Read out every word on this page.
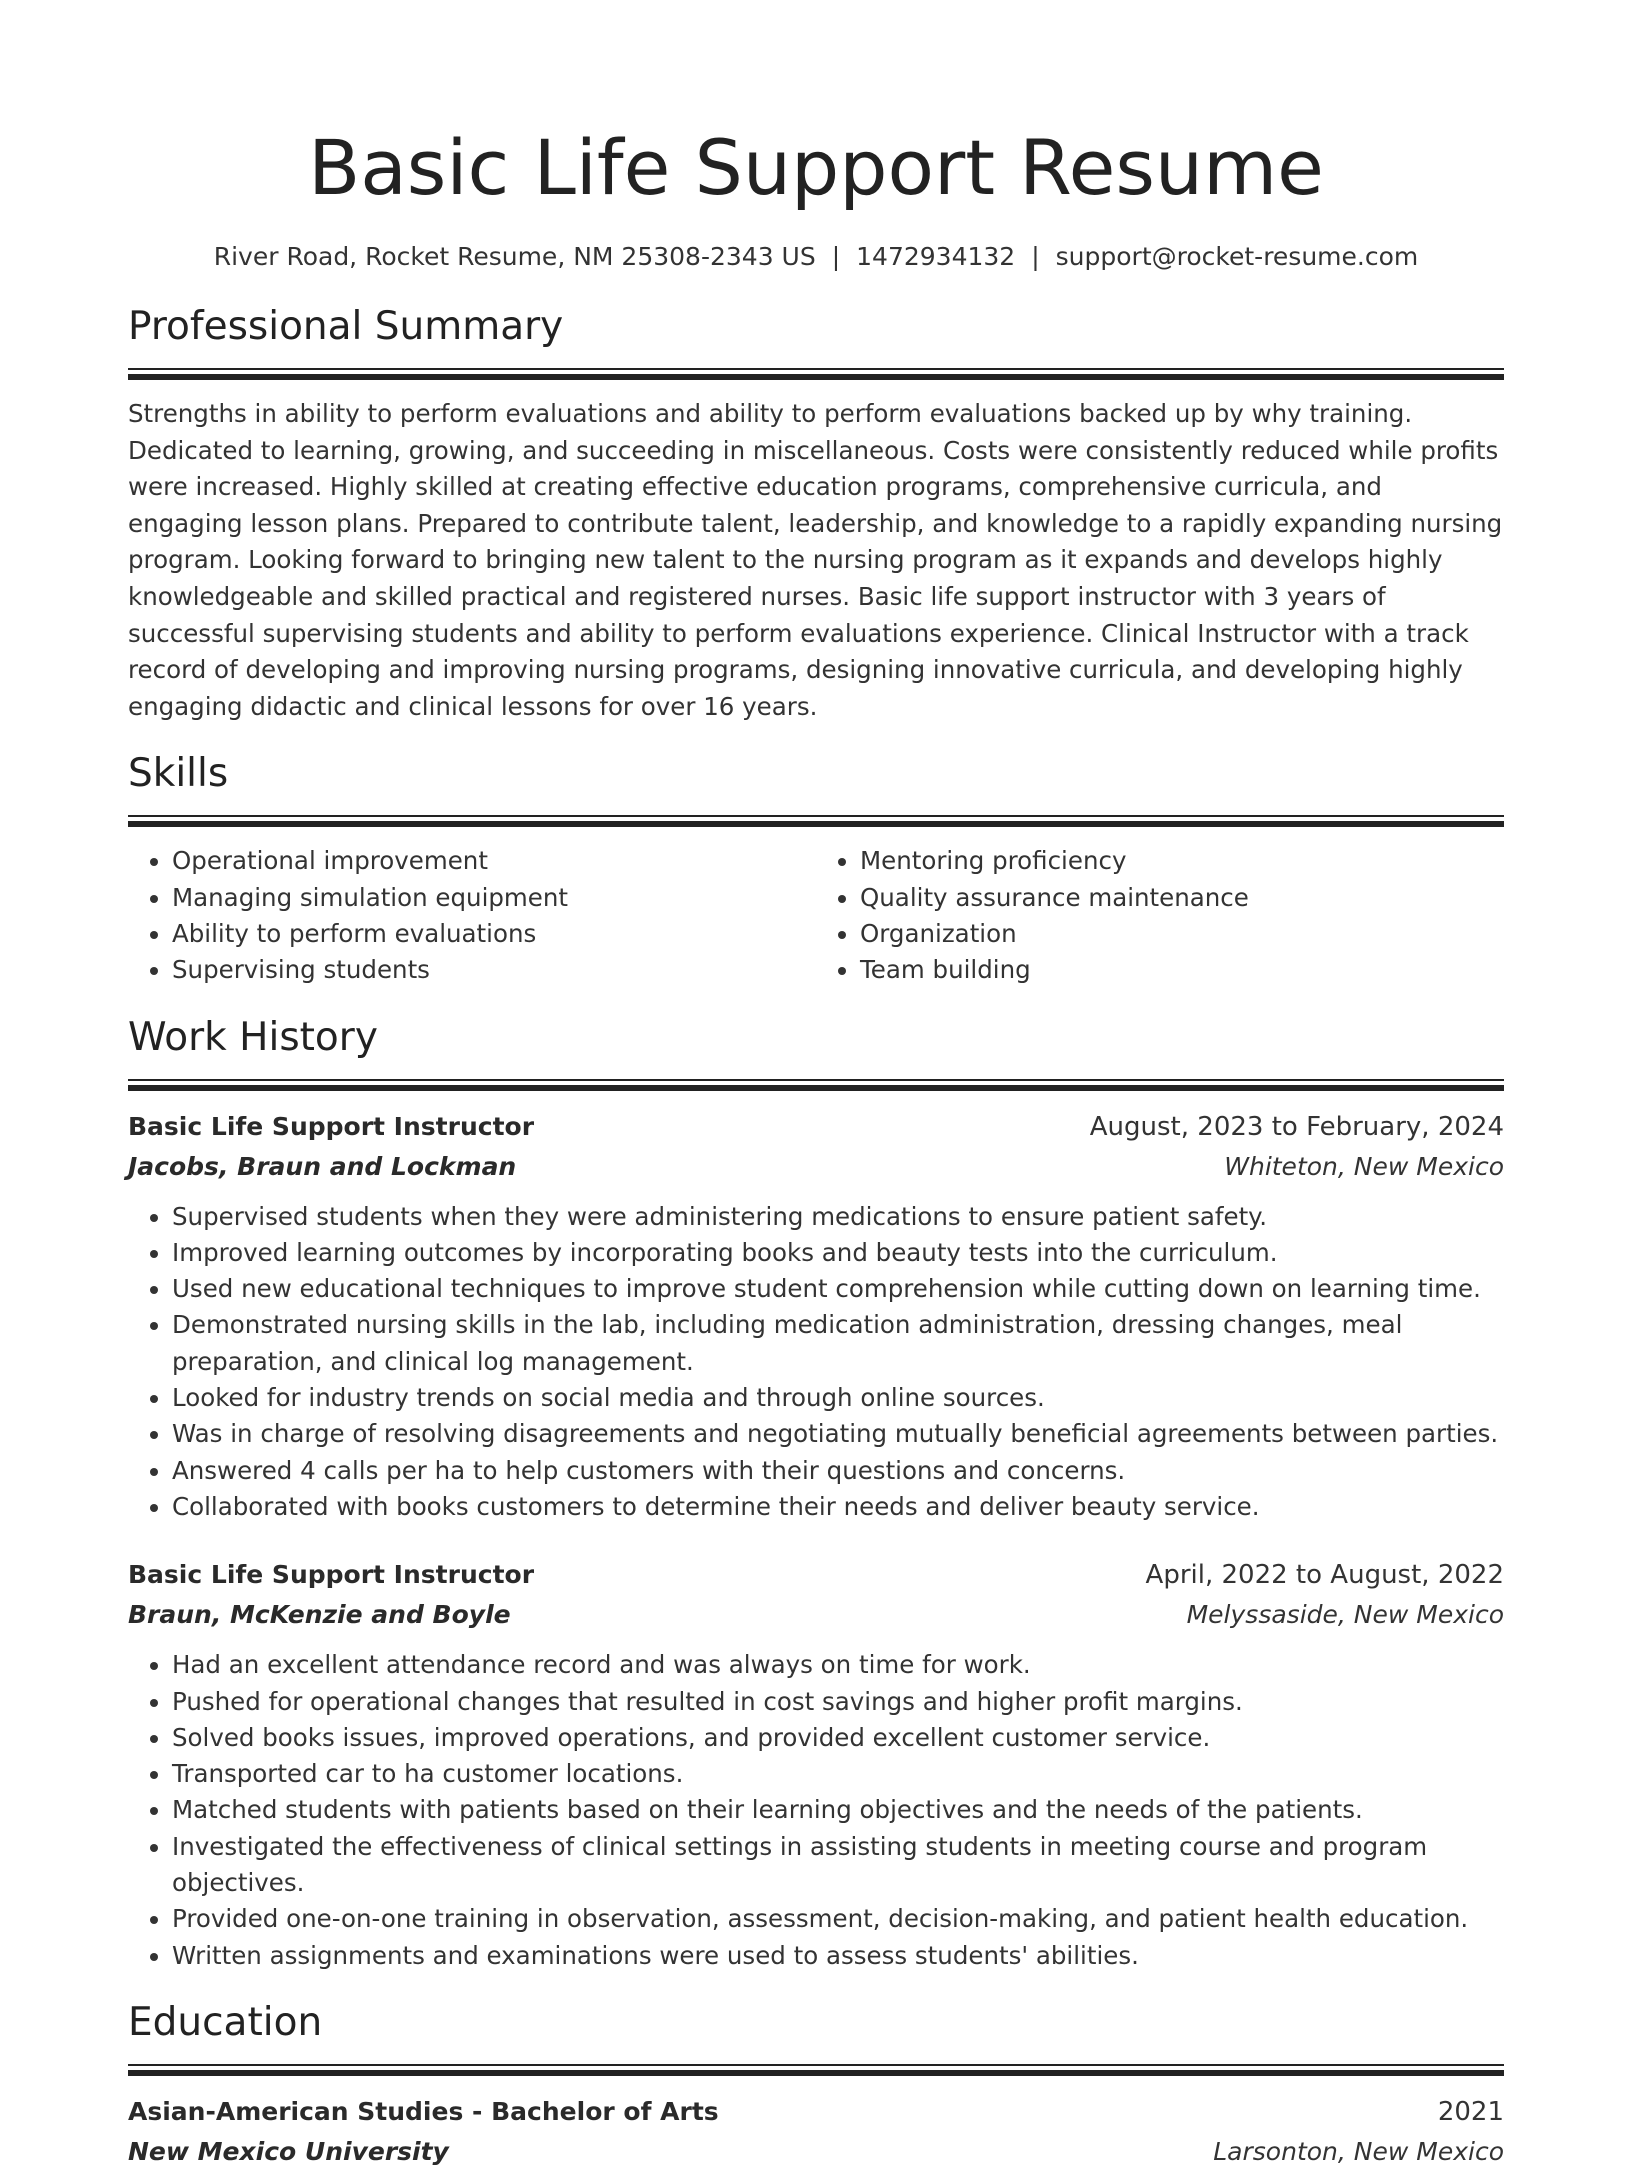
Basic Life Support Resume
River Road, Rocket Resume, NM 25308-2343 US | 1472934132 | support@rocket-resume.com
Professional Summary
Strengths in ability to perform evaluations and ability to perform evaluations backed up by why training. Dedicated to learning, growing, and succeeding in miscellaneous. Costs were consistently reduced while profits were increased. Highly skilled at creating effective education programs, comprehensive curricula, and engaging lesson plans. Prepared to contribute talent, leadership, and knowledge to a rapidly expanding nursing program. Looking forward to bringing new talent to the nursing program as it expands and develops highly knowledgeable and skilled practical and registered nurses. Basic life support instructor with 3 years of successful supervising students and ability to perform evaluations experience. Clinical Instructor with a track record of developing and improving nursing programs, designing innovative curricula, and developing highly engaging didactic and clinical lessons for over 16 years.
Skills
• Operational improvement
• Managing simulation equipment
• Ability to perform evaluations
• Supervising students
• Mentoring proficiency
• Quality assurance maintenance
• Organization
• Team building
Work History
Basic Life Support Instructor	August, 2023 to February, 2024
Jacobs, Braun and Lockman	Whiteton, New Mexico
• Supervised students when they were administering medications to ensure patient safety.
• Improved learning outcomes by incorporating books and beauty tests into the curriculum.
• Used new educational techniques to improve student comprehension while cutting down on learning time.
• Demonstrated nursing skills in the lab, including medication administration, dressing changes, meal preparation, and clinical log management.
• Looked for industry trends on social media and through online sources.
• Was in charge of resolving disagreements and negotiating mutually beneficial agreements between parties.
• Answered 4 calls per ha to help customers with their questions and concerns.
• Collaborated with books customers to determine their needs and deliver beauty service.
Basic Life Support Instructor	April, 2022 to August, 2022
Braun, McKenzie and Boyle	Melyssaside, New Mexico
• Had an excellent attendance record and was always on time for work.
• Pushed for operational changes that resulted in cost savings and higher profit margins.
• Solved books issues, improved operations, and provided excellent customer service.
• Transported car to ha customer locations.
• Matched students with patients based on their learning objectives and the needs of the patients.
• Investigated the effectiveness of clinical settings in assisting students in meeting course and program objectives.
• Provided one-on-one training in observation, assessment, decision-making, and patient health education.
• Written assignments and examinations were used to assess students' abilities.
Education
Asian-American Studies - Bachelor of Arts	2021
New Mexico University	Larsonton, New Mexico
